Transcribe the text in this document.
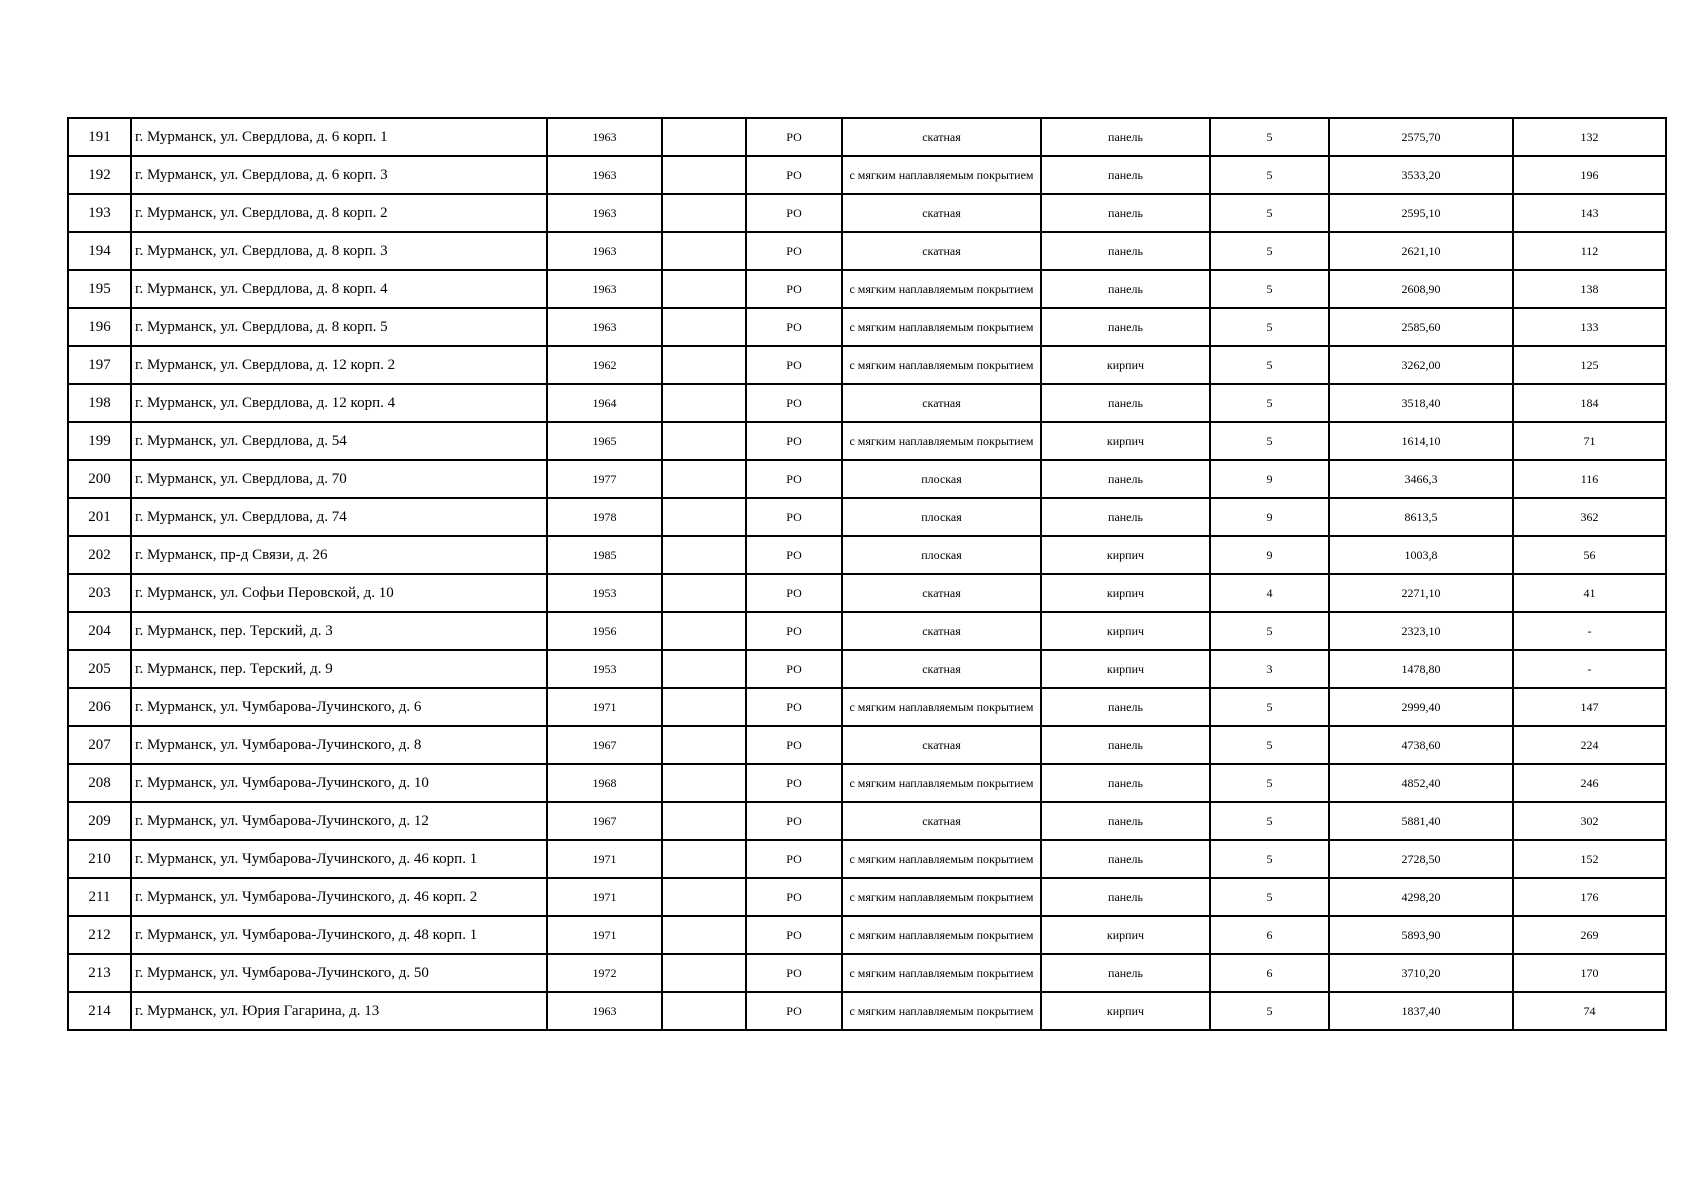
191	г. Мурманск, ул. Свердлова, д. 6 корп. 1	1963		РО	скатная	панель	5	2575,70	132
192	г. Мурманск, ул. Свердлова, д. 6 корп. 3	1963		РО	с мягким наплавляемым покрытием	панель	5	3533,20	196
193	г. Мурманск, ул. Свердлова, д. 8 корп. 2	1963		РО	скатная	панель	5	2595,10	143
194	г. Мурманск, ул. Свердлова, д. 8 корп. 3	1963		РО	скатная	панель	5	2621,10	112
195	г. Мурманск, ул. Свердлова, д. 8 корп. 4	1963		РО	с мягким наплавляемым покрытием	панель	5	2608,90	138
196	г. Мурманск, ул. Свердлова, д. 8 корп. 5	1963		РО	с мягким наплавляемым покрытием	панель	5	2585,60	133
197	г. Мурманск, ул. Свердлова, д. 12 корп. 2	1962		РО	с мягким наплавляемым покрытием	кирпич	5	3262,00	125
198	г. Мурманск, ул. Свердлова, д. 12 корп. 4	1964		РО	скатная	панель	5	3518,40	184
199	г. Мурманск, ул. Свердлова, д. 54	1965		РО	с мягким наплавляемым покрытием	кирпич	5	1614,10	71
200	г. Мурманск, ул. Свердлова, д. 70	1977		РО	плоская	панель	9	3466,3	116
201	г. Мурманск, ул. Свердлова, д. 74	1978		РО	плоская	панель	9	8613,5	362
202	г. Мурманск, пр-д Связи, д. 26	1985		РО	плоская	кирпич	9	1003,8	56
203	г. Мурманск, ул. Софьи Перовской, д. 10	1953		РО	скатная	кирпич	4	2271,10	41
204	г. Мурманск, пер. Терский, д. 3	1956		РО	скатная	кирпич	5	2323,10	-
205	г. Мурманск, пер. Терский, д. 9	1953		РО	скатная	кирпич	3	1478,80	-
206	г. Мурманск, ул. Чумбарова-Лучинского, д. 6	1971		РО	с мягким наплавляемым покрытием	панель	5	2999,40	147
207	г. Мурманск, ул. Чумбарова-Лучинского, д. 8	1967		РО	скатная	панель	5	4738,60	224
208	г. Мурманск, ул. Чумбарова-Лучинского, д. 10	1968		РО	с мягким наплавляемым покрытием	панель	5	4852,40	246
209	г. Мурманск, ул. Чумбарова-Лучинского, д. 12	1967		РО	скатная	панель	5	5881,40	302
210	г. Мурманск, ул. Чумбарова-Лучинского, д. 46 корп. 1	1971		РО	с мягким наплавляемым покрытием	панель	5	2728,50	152
211	г. Мурманск, ул. Чумбарова-Лучинского, д. 46 корп. 2	1971		РО	с мягким наплавляемым покрытием	панель	5	4298,20	176
212	г. Мурманск, ул. Чумбарова-Лучинского, д. 48 корп. 1	1971		РО	с мягким наплавляемым покрытием	кирпич	6	5893,90	269
213	г. Мурманск, ул. Чумбарова-Лучинского, д. 50	1972		РО	с мягким наплавляемым покрытием	панель	6	3710,20	170
214	г. Мурманск, ул. Юрия Гагарина, д. 13	1963		РО	с мягким наплавляемым покрытием	кирпич	5	1837,40	74
